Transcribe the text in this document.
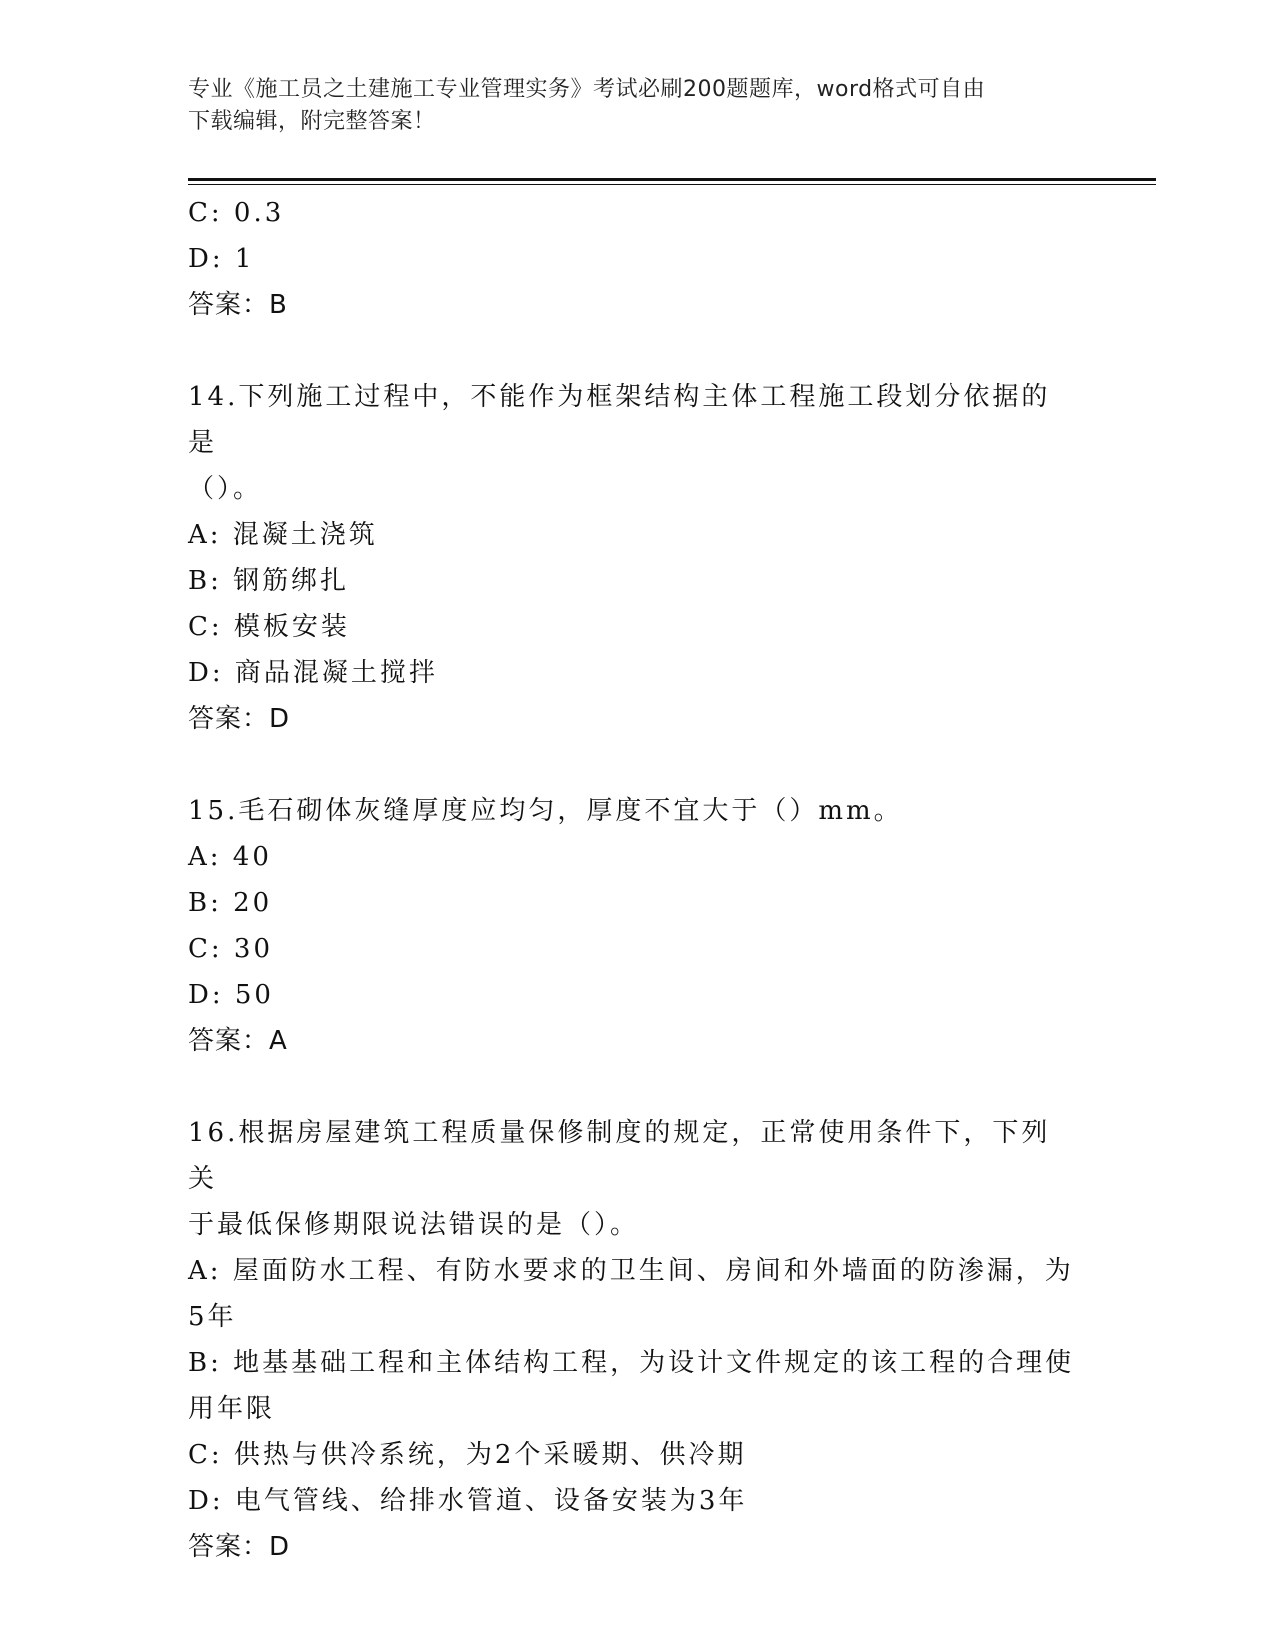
专业《施工员之土建施工专业管理实务》考试必刷200题题库，word格式可自由
下载编辑，附完整答案！
C: 0.3
D: 1
答案：B
14.下列施工过程中，不能作为框架结构主体工程施工段划分依据的是
（）。
A: 混凝土浇筑
B: 钢筋绑扎
C: 模板安装
D: 商品混凝土搅拌
答案：D
15.毛石砌体灰缝厚度应均匀，厚度不宜大于（）mm。
A: 40
B: 20
C: 30
D: 50
答案：A
16.根据房屋建筑工程质量保修制度的规定，正常使用条件下，下列关
于最低保修期限说法错误的是（）。
A: 屋面防水工程、有防水要求的卫生间、房间和外墙面的防渗漏，为
5年
B: 地基基础工程和主体结构工程，为设计文件规定的该工程的合理使
用年限
C: 供热与供冷系统，为2个采暖期、供冷期
D: 电气管线、给排水管道、设备安装为3年
答案：D
